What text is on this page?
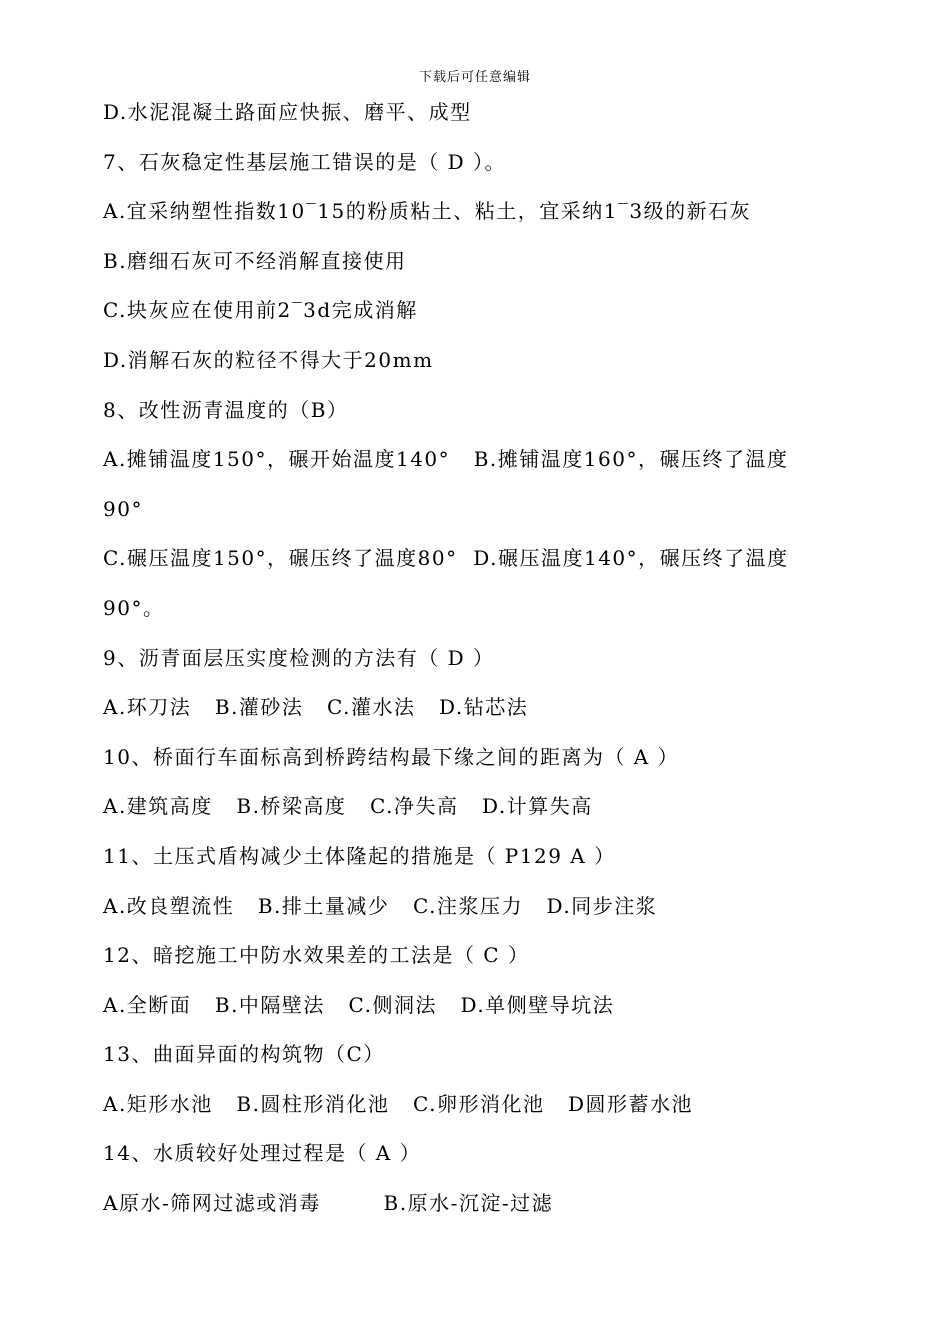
下载后可任意编辑
D.水泥混凝土路面应快振、磨平、成型
7、石灰稳定性基层施工错误的是（ D ）。
A.宜采纳塑性指数10‾15的粉质粘土、粘土，宜采纳1‾3级的新石灰
B.磨细石灰可不经消解直接使用
C.块灰应在使用前2‾3d完成消解
D.消解石灰的粒径不得大于20mm
8、改性沥青温度的（B）
A.摊铺温度150°，碾开始温度140°   B.摊铺温度160°，碾压终了温度
90°
C.碾压温度150°，碾压终了温度80°  D.碾压温度140°，碾压终了温度
90°。
9、沥青面层压实度检测的方法有（ D ）
A.环刀法   B.灌砂法   C.灌水法   D.钻芯法
10、桥面行车面标高到桥跨结构最下缘之间的距离为（ A ）
A.建筑高度   B.桥梁高度   C.净失高   D.计算失高
11、土压式盾构减少土体隆起的措施是（ P129 A ）
A.改良塑流性   B.排土量减少   C.注浆压力   D.同步注浆
12、暗挖施工中防水效果差的工法是（ C ）
A.全断面   B.中隔壁法   C.侧洞法   D.单侧壁导坑法
13、曲面异面的构筑物（C）
A.矩形水池   B.圆柱形消化池   C.卵形消化池   D圆形蓄水池
14、水质较好处理过程是（ A ）
A原水-筛网过滤或消毒        B.原水-沉淀-过滤
